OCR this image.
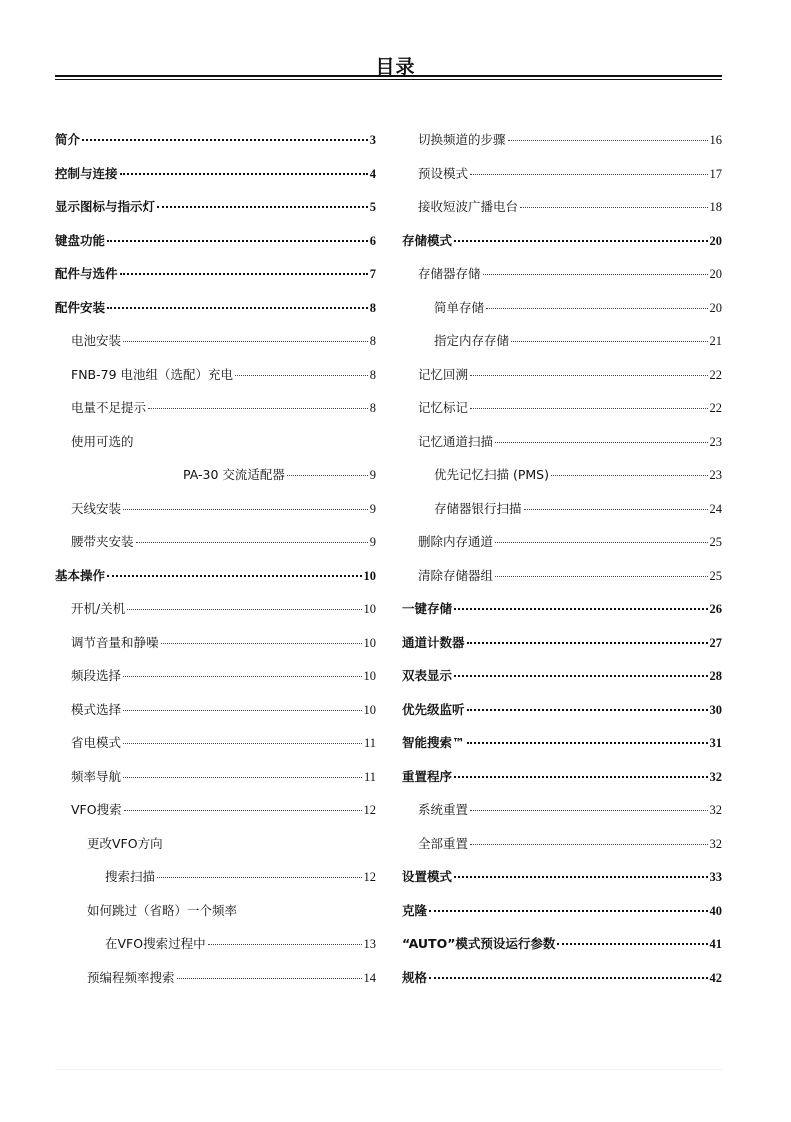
目录
简介	3
控制与连接	4
显示图标与指示灯	5
键盘功能	6
配件与选件	7
配件安装	8
电池安装	8
FNB-79 电池组（选配）充电	8
电量不足提示	8
使用可选的
PA-30 交流适配器	9
天线安装	9
腰带夹安装	9
基本操作	10
开机/关机	10
调节音量和静噪	10
频段选择	10
模式选择	10
省电模式	11
频率导航	11
VFO搜索	12
更改VFO方向
搜索扫描	12
如何跳过（省略）一个频率
在VFO搜索过程中	13
预编程频率搜索	14
切换频道的步骤	16
预设模式	17
接收短波广播电台	18
存储模式	20
存储器存储	20
简单存储	20
指定内存存储	21
记忆回溯	22
记忆标记	22
记忆通道扫描	23
优先记忆扫描 (PMS)	23
存储器银行扫描	24
删除内存通道	25
清除存储器组	25
一键存储	26
通道计数器	27
双表显示	28
优先级监听	30
智能搜索™	31
重置程序	32
系统重置	32
全部重置	32
设置模式	33
克隆	40
“AUTO”模式预设运行参数	41
规格	42
